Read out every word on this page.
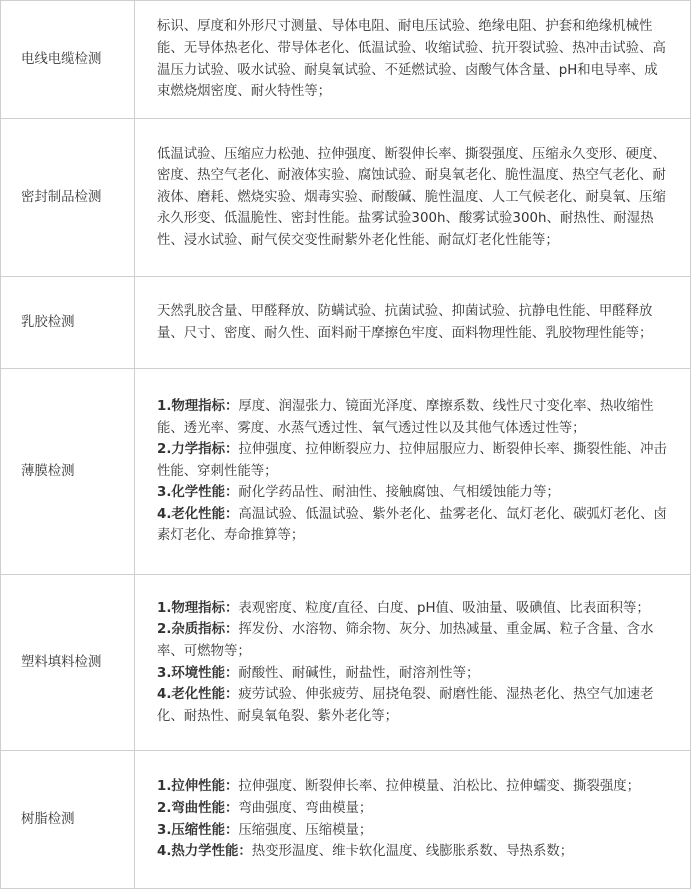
电线电缆检测	标识、厚度和外形尺寸测量、导体电阻、耐电压试验、绝缘电阻、护套和绝缘机械性能、无导体热老化、带导体老化、低温试验、收缩试验、抗开裂试验、热冲击试验、高温压力试验、吸水试验、耐臭氧试验、不延燃试验、卤酸气体含量、pH和电导率、成束燃烧烟密度、耐火特性等；
密封制品检测	低温试验、压缩应力松弛、拉伸强度、断裂伸长率、撕裂强度、压缩永久变形、硬度、密度、热空气老化、耐液体实验、腐蚀试验、耐臭氧老化、脆性温度、热空气老化、耐液体、磨耗、燃烧实验、烟毒实验、耐酸碱、脆性温度、人工气候老化、耐臭氧、压缩永久形变、低温脆性、密封性能。盐雾试验300h、酸雾试验300h、耐热性、耐湿热性、浸水试验、耐气侯交变性耐紫外老化性能、耐氙灯老化性能等；
乳胶检测	天然乳胶含量、甲醛释放、防螨试验、抗菌试验、抑菌试验、抗静电性能、甲醛释放量、尺寸、密度、耐久性、面料耐干摩擦色牢度、面料物理性能、乳胶物理性能等；
薄膜检测	1.物理指标：厚度、润湿张力、镜面光泽度、摩擦系数、线性尺寸变化率、热收缩性能、透光率、雾度、水蒸气透过性、氧气透过性以及其他气体透过性等；
2.力学指标：拉伸强度、拉伸断裂应力、拉伸屈服应力、断裂伸长率、撕裂性能、冲击性能、穿刺性能等；
3.化学性能：耐化学药品性、耐油性、接触腐蚀、气相缓蚀能力等；
4.老化性能：高温试验、低温试验、紫外老化、盐雾老化、氙灯老化、碳弧灯老化、卤素灯老化、寿命推算等；

塑料填料检测	1.物理指标：表观密度、粒度/直径、白度、pH值、吸油量、吸碘值、比表面积等；
2.杂质指标：挥发份、水溶物、筛余物、灰分、加热减量、重金属、粒子含量、含水率、可燃物等；
3.环境性能：耐酸性、耐碱性，耐盐性，耐溶剂性等；
4.老化性能：疲劳试验、伸张疲劳、屈挠龟裂、耐磨性能、湿热老化、热空气加速老化、耐热性、耐臭氧龟裂、紫外老化等；

树脂检测	1.拉伸性能：拉伸强度、断裂伸长率、拉伸模量、泊松比、拉伸蠕变、撕裂强度；
2.弯曲性能：弯曲强度、弯曲模量；
3.压缩性能：压缩强度、压缩模量；
4.热力学性能：热变形温度、维卡软化温度、线膨胀系数、导热系数；
